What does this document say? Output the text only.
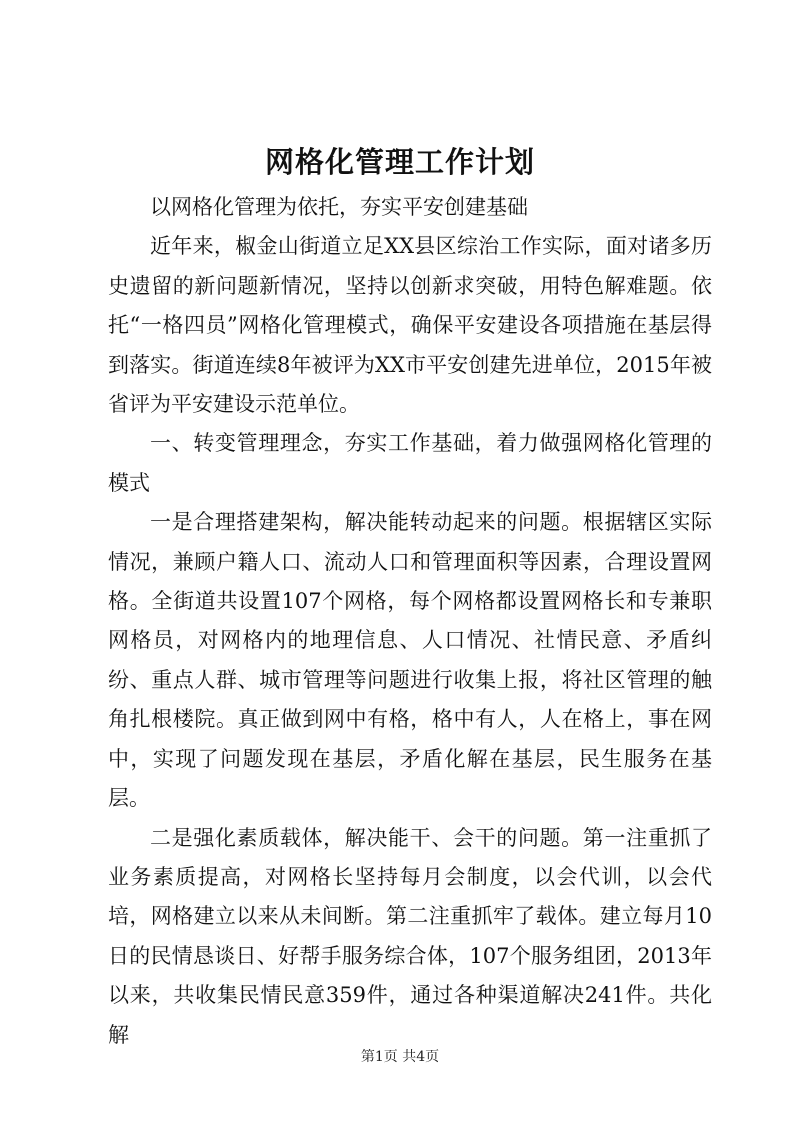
网格化管理工作计划

以网格化管理为依托，夯实平安创建基础

近年来，椒金山街道立足XX县区综治工作实际，面对诸多历史遗留的新问题新情况，坚持以创新求突破，用特色解难题。依托“一格四员”网格化管理模式，确保平安建设各项措施在基层得到落实。街道连续8年被评为XX市平安创建先进单位，2015年被省评为平安建设示范单位。

一、转变管理理念，夯实工作基础，着力做强网格化管理的模式

一是合理搭建架构，解决能转动起来的问题。根据辖区实际情况，兼顾户籍人口、流动人口和管理面积等因素，合理设置网格。全街道共设置107个网格，每个网格都设置网格长和专兼职网格员，对网格内的地理信息、人口情况、社情民意、矛盾纠纷、重点人群、城市管理等问题进行收集上报，将社区管理的触角扎根楼院。真正做到网中有格，格中有人，人在格上，事在网中，实现了问题发现在基层，矛盾化解在基层，民生服务在基层。

二是强化素质载体，解决能干、会干的问题。第一注重抓了业务素质提高，对网格长坚持每月会制度，以会代训，以会代培，网格建立以来从未间断。第二注重抓牢了载体。建立每月10日的民情恳谈日、好帮手服务综合体，107个服务组团，2013年以来，共收集民情民意359件，通过各种渠道解决241件。共化解

第1页 共4页
